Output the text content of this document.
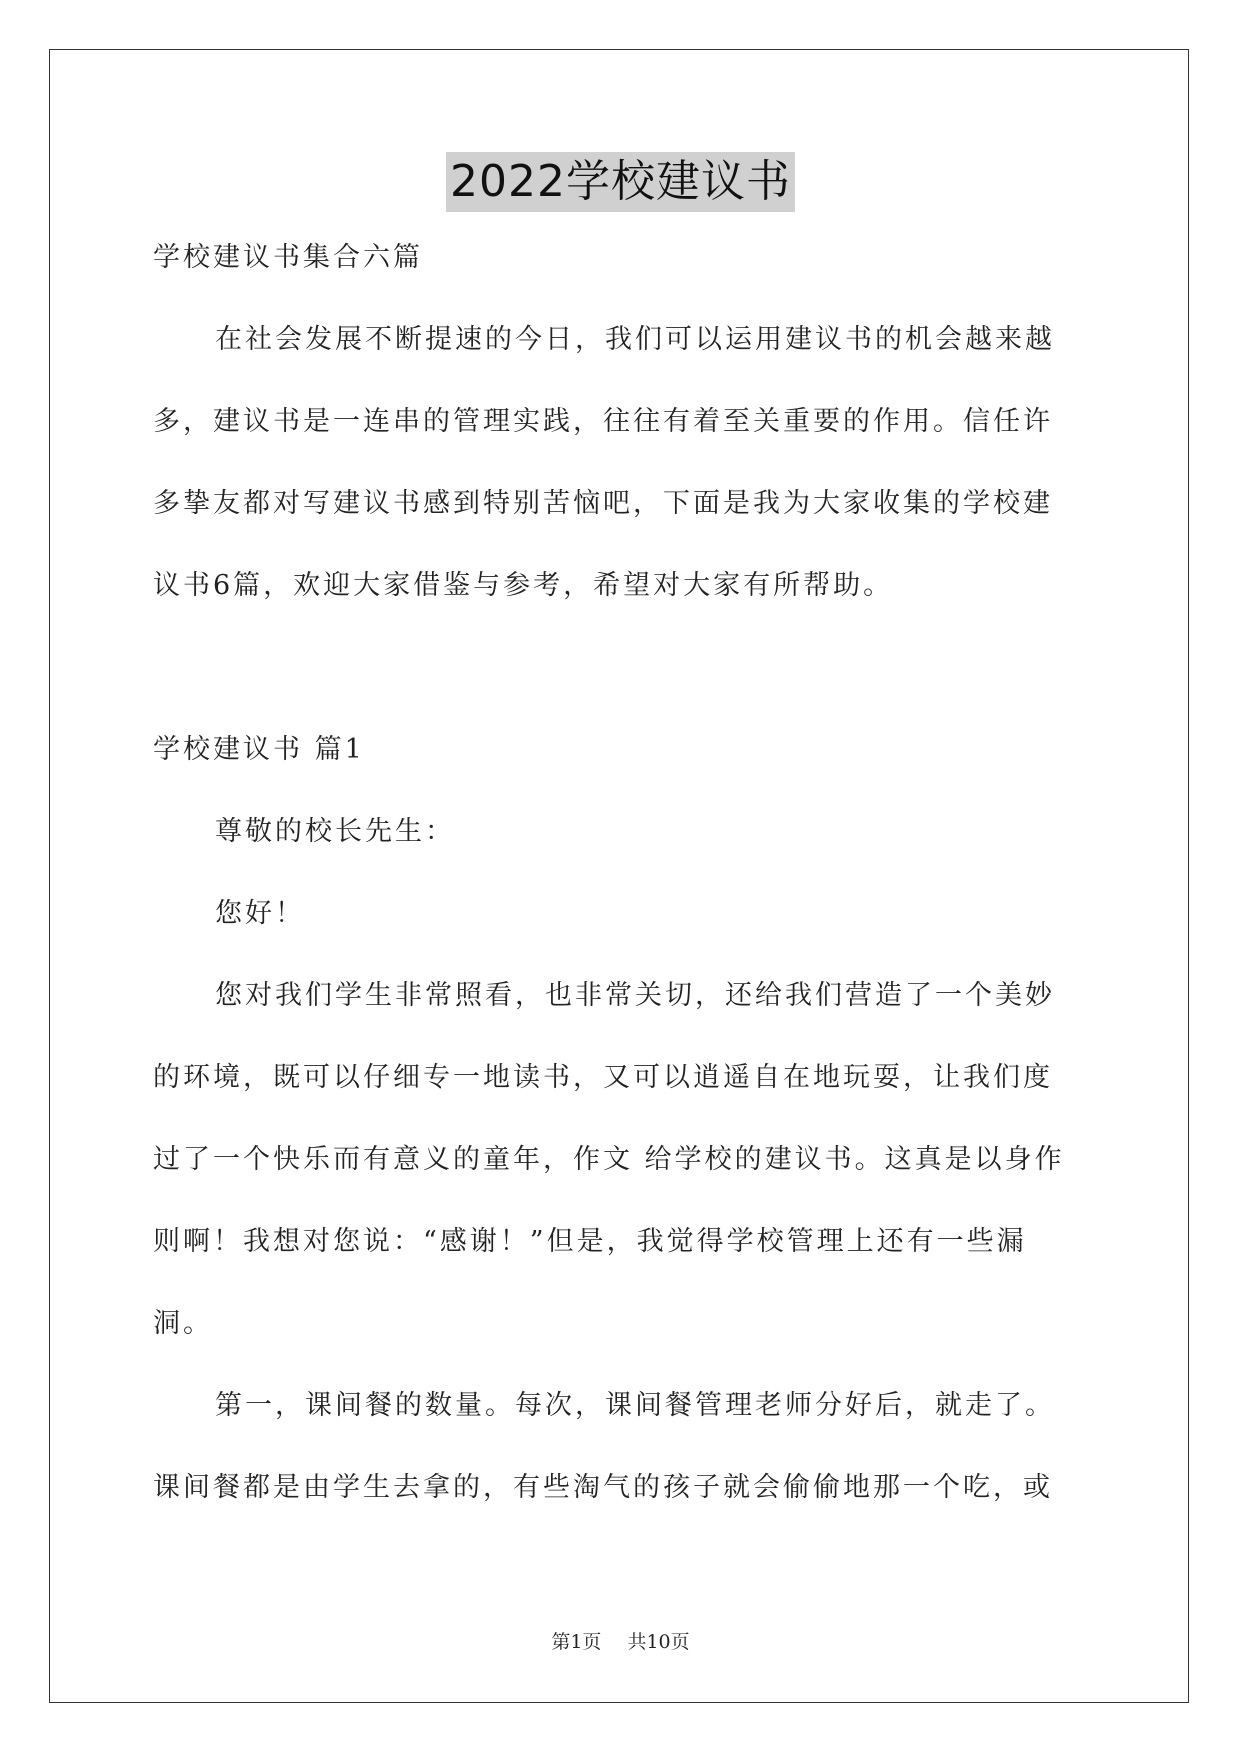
2022学校建议书
学校建议书集合六篇
在社会发展不断提速的今日，我们可以运用建议书的机会越来越
多，建议书是一连串的管理实践，往往有着至关重要的作用。信任许
多挚友都对写建议书感到特别苦恼吧，下面是我为大家收集的学校建
议书6篇，欢迎大家借鉴与参考，希望对大家有所帮助。
学校建议书 篇1
尊敬的校长先生：
您好！
您对我们学生非常照看，也非常关切，还给我们营造了一个美妙
的环境，既可以仔细专一地读书，又可以逍遥自在地玩耍，让我们度
过了一个快乐而有意义的童年，作文 给学校的建议书。这真是以身作
则啊！我想对您说：“感谢！”但是，我觉得学校管理上还有一些漏
洞。
第一，课间餐的数量。每次，课间餐管理老师分好后，就走了。
课间餐都是由学生去拿的，有些淘气的孩子就会偷偷地那一个吃，或
第1页 共10页
